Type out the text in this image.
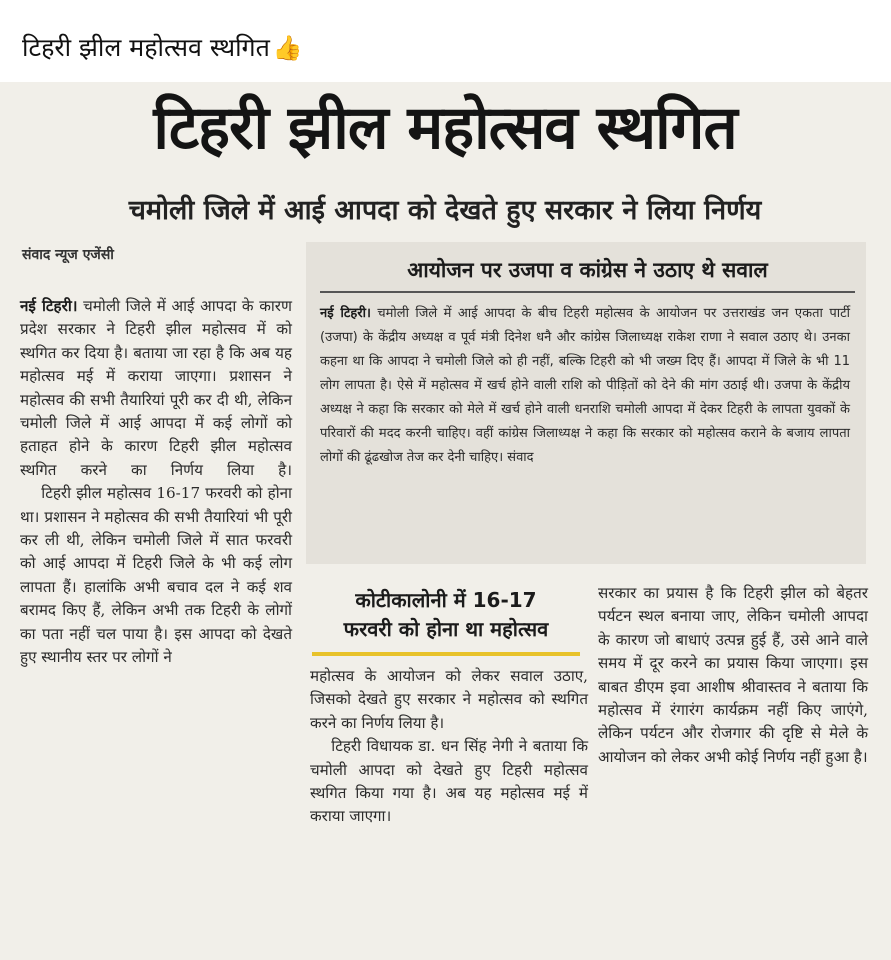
टिहरी झील महोत्सव स्थगित 👍
टिहरी झील महोत्सव स्थगित
चमोली जिले में आई आपदा को देखते हुए सरकार ने लिया निर्णय
संवाद न्यूज एजेंसी

नई टिहरी। चमोली जिले में आई आपदा के कारण प्रदेश सरकार ने टिहरी झील महोत्सव में को स्थगित कर दिया है। बताया जा रहा है कि अब यह महोत्सव मई में कराया जाएगा। प्रशासन ने महोत्सव की सभी तैयारियां पूरी कर दी थी, लेकिन चमोली जिले में आई आपदा में कई लोगों को हताहत होने के कारण टिहरी झील महोत्सव स्थगित करने का निर्णय लिया है।

टिहरी झील महोत्सव 16-17 फरवरी को होना था। प्रशासन ने महोत्सव की सभी तैयारियां भी पूरी कर ली थी, लेकिन चमोली जिले में सात फरवरी को आई आपदा में टिहरी जिले के भी कई लोग लापता हैं। हालांकि अभी बचाव दल ने कई शव बरामद किए हैं, लेकिन अभी तक टिहरी के लोगों का पता नहीं चल पाया है। इस आपदा को देखते हुए स्थानीय स्तर पर लोगों ने

आयोजन पर उजपा व कांग्रेस ने उठाए थे सवाल

नई टिहरी। चमोली जिले में आई आपदा के बीच टिहरी महोत्सव के आयोजन पर उत्तराखंड जन एकता पार्टी (उजपा) के केंद्रीय अध्यक्ष व पूर्व मंत्री दिनेश धनै और कांग्रेस जिलाध्यक्ष राकेश राणा ने सवाल उठाए थे। उनका कहना था कि आपदा ने चमोली जिले को ही नहीं, बल्कि टिहरी को भी जख्म दिए हैं। आपदा में जिले के भी 11 लोग लापता है। ऐसे में महोत्सव में खर्च होने वाली राशि को पीड़ितों को देने की मांग उठाई थी। उजपा के केंद्रीय अध्यक्ष ने कहा कि सरकार को मेले में खर्च होने वाली धनराशि चमोली आपदा में देकर टिहरी के लापता युवकों के परिवारों की मदद करनी चाहिए। वहीं कांग्रेस जिलाध्यक्ष ने कहा कि सरकार को महोत्सव कराने के बजाय लापता लोगों की ढूंढखोज तेज कर देनी चाहिए। संवाद

कोटीकालोनी में 16-17
फरवरी को होना था महोत्सव

महोत्सव के आयोजन को लेकर सवाल उठाए, जिसको देखते हुए सरकार ने महोत्सव को स्थगित करने का निर्णय लिया है।

टिहरी विधायक डा. धन सिंह नेगी ने बताया कि चमोली आपदा को देखते हुए टिहरी महोत्सव स्थगित किया गया है। अब यह महोत्सव मई में कराया जाएगा।

सरकार का प्रयास है कि टिहरी झील को बेहतर पर्यटन स्थल बनाया जाए, लेकिन चमोली आपदा के कारण जो बाधाएं उत्पन्न हुई हैं, उसे आने वाले समय में दूर करने का प्रयास किया जाएगा। इस बाबत डीएम इवा आशीष श्रीवास्तव ने बताया कि महोत्सव में रंगारंग कार्यक्रम नहीं किए जाएंगे, लेकिन पर्यटन और रोजगार की दृष्टि से मेले के आयोजन को लेकर अभी कोई निर्णय नहीं हुआ है।
